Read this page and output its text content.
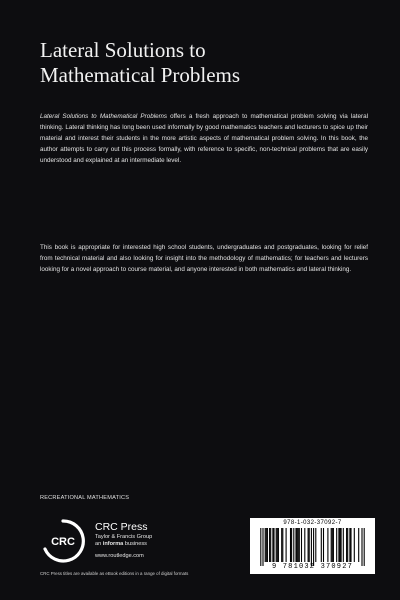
Lateral Solutions to
Mathematical Problems
Lateral Solutions to Mathematical Problems offers a fresh approach to mathematical problem solving via lateral thinking. Lateral thinking has long been used informally by good mathematics teachers and lecturers to spice up their material and interest their students in the more artistic aspects of mathematical problem solving. In this book, the author attempts to carry out this process formally, with reference to specific, non-technical problems that are easily understood and explained at an intermediate level.
This book is appropriate for interested high school students, undergraduates and postgraduates, looking for relief from technical material and also looking for insight into the methodology of mathematics; for teachers and lecturers looking for a novel approach to course material, and anyone interested in both mathematics and lateral thinking.
RECREATIONAL MATHEMATICS
CRC
CRC Press
Taylor & Francis Group
an informa business
www.routledge.com
CRC Press titles are available as eBook editions in a range of digital formats
978-1-032-37092-7
9 781032 370927
